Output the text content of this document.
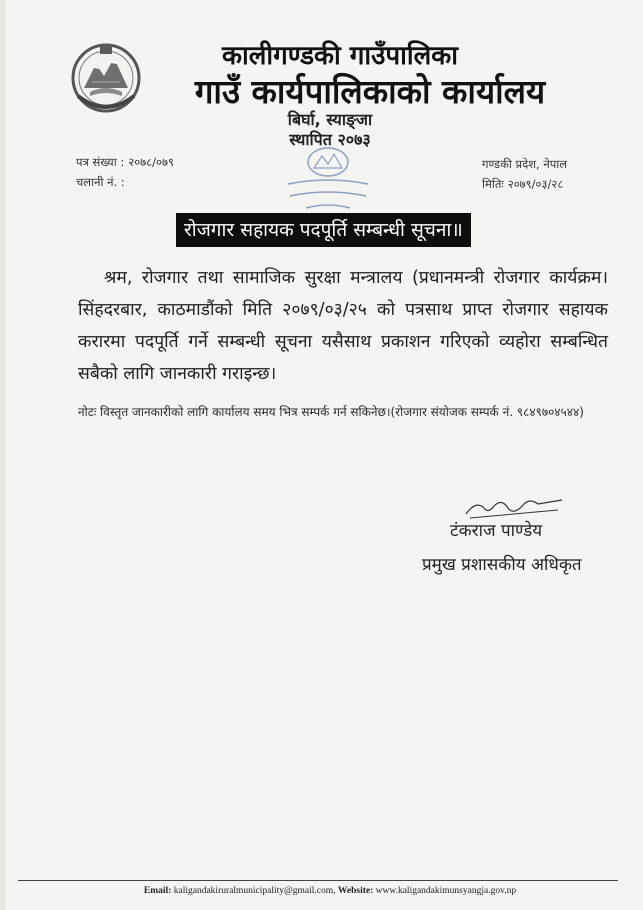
कालीगण्डकी गाउँपालिका
गाउँ कार्यपालिकाको कार्यालय
बिर्घा, स्याङ्जा
स्थापित २०७३
पत्र संख्या : २०७८/०७९
चलानी नं. :
गण्डकी प्रदेश, नेपाल
मितिः २०७९/०३/२८
रोजगार सहायक पदपूर्ति सम्बन्धी सूचना॥

श्रम, रोजगार तथा सामाजिक सुरक्षा मन्त्रालय (प्रधानमन्त्री रोजगार कार्यक्रम। सिंहदरबार, काठमाडौंको मिति २०७९/०३/२५ को पत्रसाथ प्राप्त रोजगार सहायक करारमा पदपूर्ति गर्ने सम्बन्धी सूचना यसैसाथ प्रकाशन गरिएको व्यहोरा सम्बन्धित सबैको लागि जानकारी गराइन्छ।

नोटः विस्तृत जानकारीको लागि कार्यालय समय भित्र सम्पर्क गर्न सकिनेछ।(रोजगार संयोजक सम्पर्क नं. ९८४९७०४५४४)
टंकराज पाण्डेय
प्रमुख प्रशासकीय अधिकृत
Email: kaligandakiruralmunicipality@gmail.com, Website: www.kaligandakimunsyangja.gov.np
